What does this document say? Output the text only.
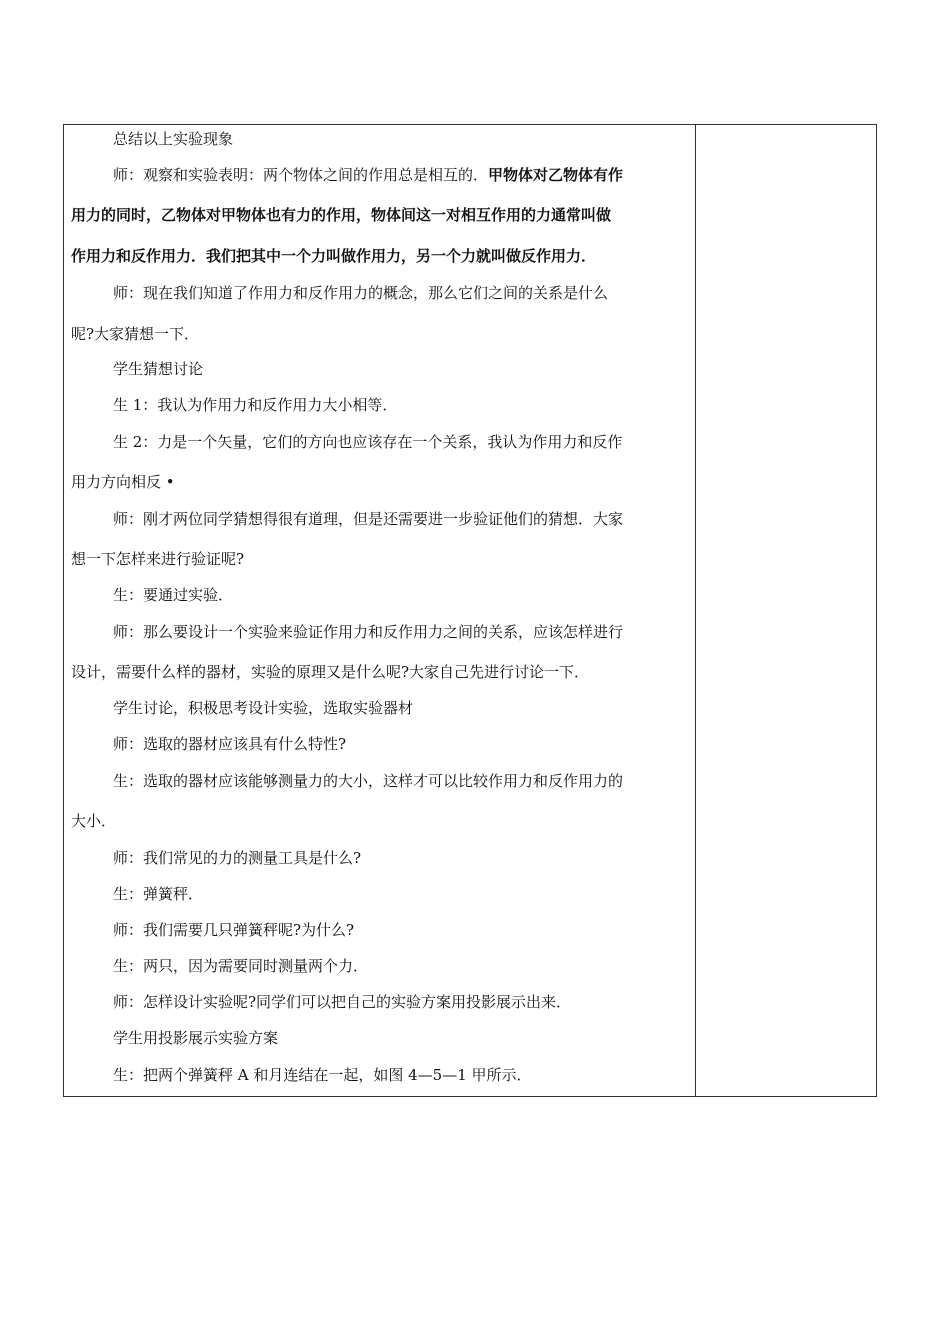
总结以上实验现象
师：观察和实验表明：两个物体之间的作用总是相互的．甲物体对乙物体有作
用力的同时，乙物体对甲物体也有力的作用，物体间这一对相互作用的力通常叫做
作用力和反作用力．我们把其中一个力叫做作用力，另一个力就叫做反作用力．
师：现在我们知道了作用力和反作用力的概念，那么它们之间的关系是什么
呢?大家猜想一下．
学生猜想讨论
生 1：我认为作用力和反作用力大小相等．
生 2：力是一个矢量，它们的方向也应该存在一个关系，我认为作用力和反作
用力方向相反 •
师：刚才两位同学猜想得很有道理，但是还需要进一步验证他们的猜想．大家
想一下怎样来进行验证呢?
生：要通过实验．
师：那么要设计一个实验来验证作用力和反作用力之间的关系，应该怎样进行
设计，需要什么样的器材，实验的原理又是什么呢?大家自己先进行讨论一下．
学生讨论，积极思考设计实验，选取实验器材
师：选取的器材应该具有什么特性?
生：选取的器材应该能够测量力的大小，这样才可以比较作用力和反作用力的
大小．
师：我们常见的力的测量工具是什么?
生：弹簧秤．
师：我们需要几只弹簧秤呢?为什么?
生：两只，因为需要同时测量两个力．
师：怎样设计实验呢?同学们可以把自己的实验方案用投影展示出来．
学生用投影展示实验方案
生：把两个弹簧秤 A 和月连结在一起，如图 4—5—1 甲所示．
